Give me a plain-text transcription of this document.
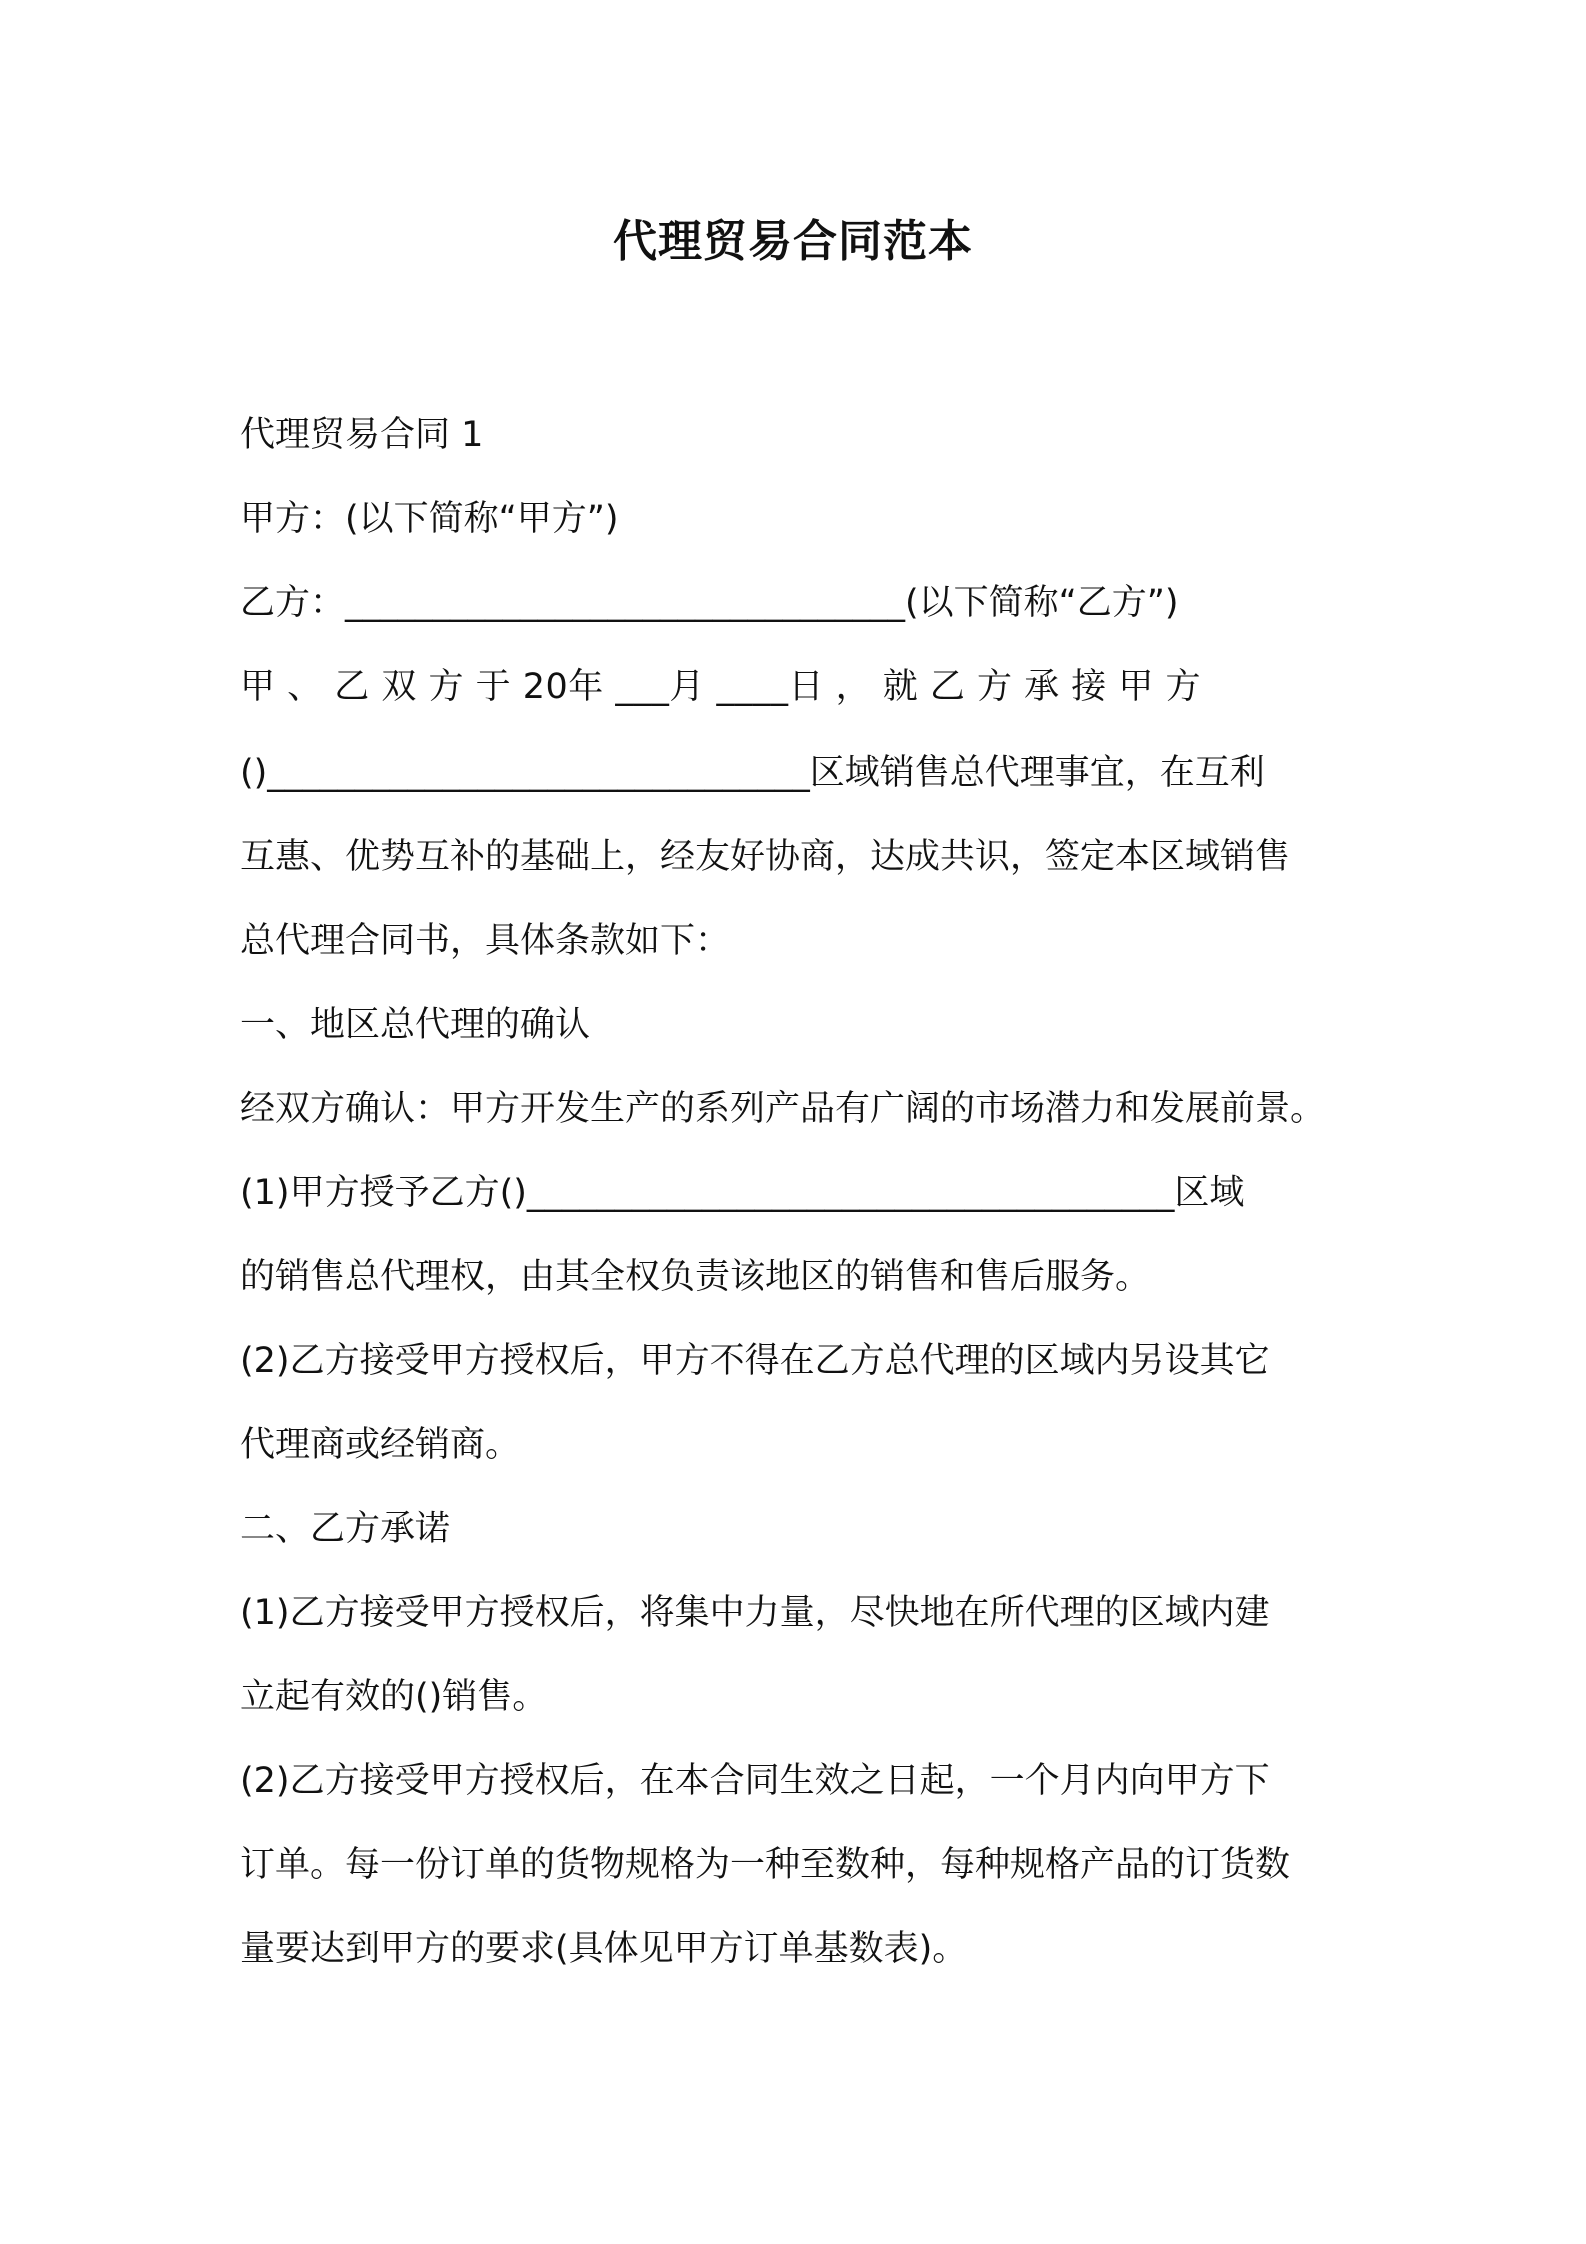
代理贸易合同范本
代理贸易合同 1
甲方：(以下简称“甲方”)
乙方：________________________________(以下简称“乙方”)
甲 、 乙 双 方 于 20年 ___月 ____日 ， 就 乙 方 承 接 甲 方
()_______________________________区域销售总代理事宜，在互利
互惠、优势互补的基础上，经友好协商，达成共识，签定本区域销售
总代理合同书，具体条款如下：
一、地区总代理的确认
经双方确认：甲方开发生产的系列产品有广阔的市场潜力和发展前景。
(1)甲方授予乙方()_____________________________________区域
的销售总代理权，由其全权负责该地区的销售和售后服务。
(2)乙方接受甲方授权后，甲方不得在乙方总代理的区域内另设其它
代理商或经销商。
二、乙方承诺
(1)乙方接受甲方授权后，将集中力量，尽快地在所代理的区域内建
立起有效的()销售。
(2)乙方接受甲方授权后，在本合同生效之日起，一个月内向甲方下
订单。每一份订单的货物规格为一种至数种，每种规格产品的订货数
量要达到甲方的要求(具体见甲方订单基数表)。
